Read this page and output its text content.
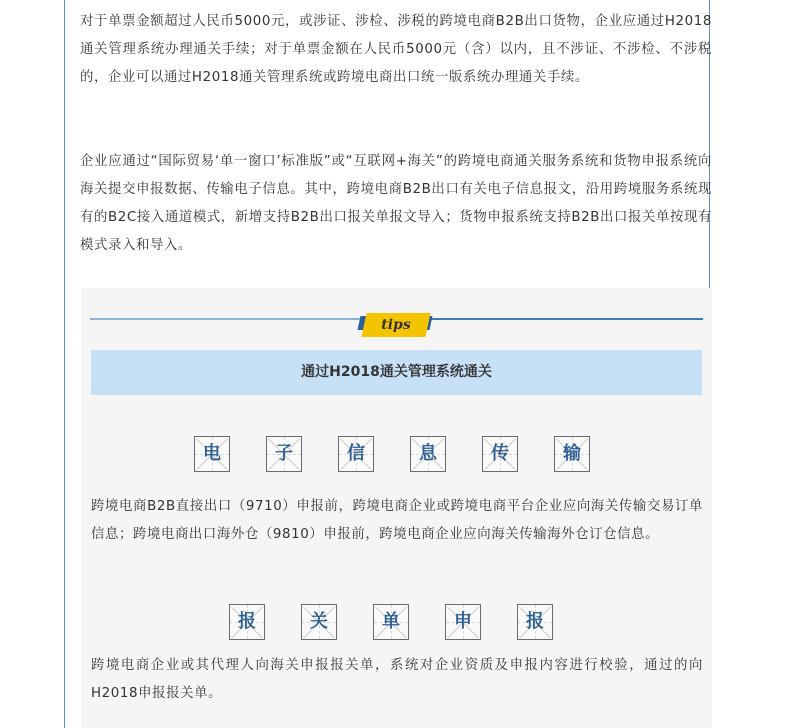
对于单票金额超过人民币5000元，或涉证、涉检、涉税的跨境电商B2B出口货物，企业应通过H2018通关管理系统办理通关手续；对于单票金额在人民币5000元（含）以内，且不涉证、不涉检、不涉税的，企业可以通过H2018通关管理系统或跨境电商出口统一版系统办理通关手续。

企业应通过“国际贸易‘单一窗口’标准版”或“互联网+海关”的跨境电商通关服务系统和货物申报系统向海关提交申报数据、传输电子信息。其中，跨境电商B2B出口有关电子信息报文，沿用跨境服务系统现有的B2C接入通道模式，新增支持B2B出口报关单报文导入；货物申报系统支持B2B出口报关单按现有模式录入和导入。

tips
通过H2018通关管理系统通关
电	子	信	息	传	输

跨境电商B2B直接出口（9710）申报前，跨境电商企业或跨境电商平台企业应向海关传输交易订单信息；跨境电商出口海外仓（9810）申报前，跨境电商企业应向海关传输海外仓订仓信息。

报	关	单	申	报

跨境电商企业或其代理人向海关申报报关单，系统对企业资质及申报内容进行校验，通过的向H2018申报报关单。
